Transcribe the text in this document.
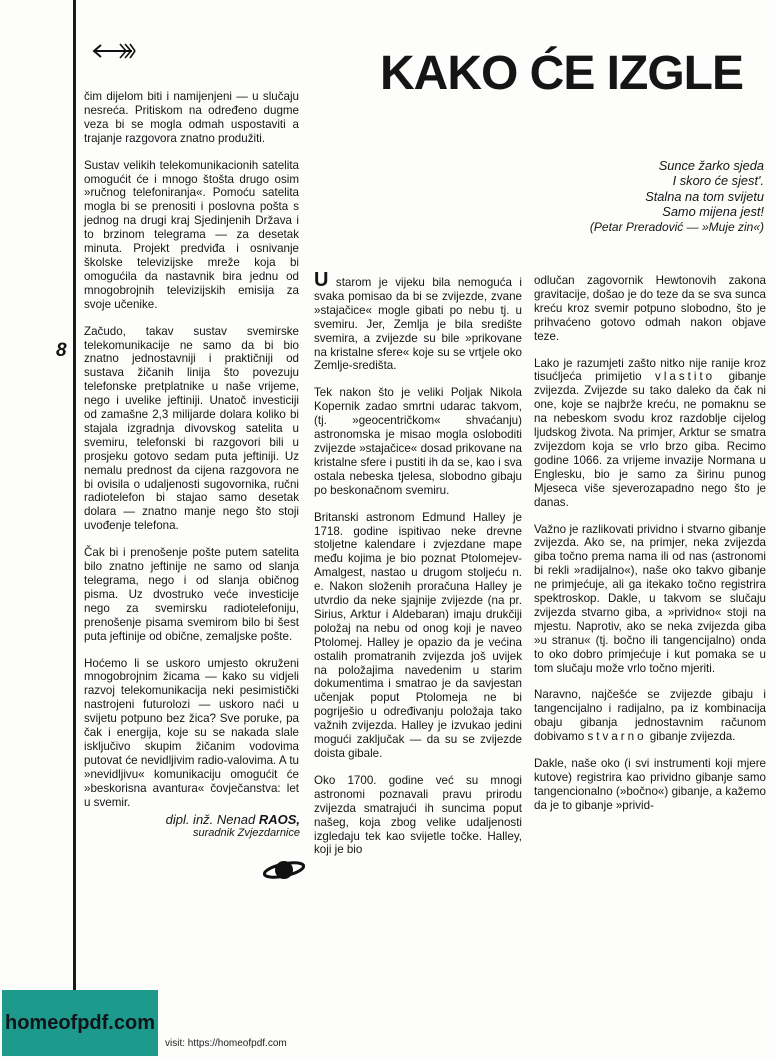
8
KAKO ĆE IZGLE
Sunce žarko sjeda
I skoro će sjest'.
Stalna na tom svijetu
Samo mijena jest!
(Petar Preradović — »Muje zin«)

čim dijelom biti i namijenjeni — u slučaju nesreća. Pritiskom na određeno dugme veza bi se mogla odmah uspostaviti a trajanje razgovora znatno produžiti.

Sustav velikih telekomunikacionih satelita omogućit će i mnogo štošta drugo osim »ručnog telefoniranja«. Pomoću satelita mogla bi se prenositi i poslovna pošta s jednog na drugi kraj Sjedinjenih Država i to brzinom telegrama — za desetak minuta. Projekt predviđa i osnivanje školske televizijske mreže koja bi omogućila da nastavnik bira jednu od mnogobrojnih televizijskih emisija za svoje učenike.

Začudo, takav sustav svemirske telekomunikacije ne samo da bi bio znatno jednostavniji i praktičniji od sustava žičanih linija što povezuju telefonske pretplatnike u naše vrijeme, nego i uvelike jeftiniji. Unatoč investiciji od zamašne 2,3 milijarde dolara koliko bi stajala izgradnja divovskog satelita u svemiru, telefonski bi razgovori bili u prosjeku gotovo sedam puta jeftiniji. Uz nemalu prednost da cijena razgovora ne bi ovisila o udaljenosti sugovornika, ručni radiotelefon bi stajao samo desetak dolara — znatno manje nego što stoji uvođenje telefona.

Čak bi i prenošenje pošte putem satelita bilo znatno jeftinije ne samo od slanja telegrama, nego i od slanja običnog pisma. Uz dvostruko veće investicije nego za svemirsku radiotelefoniju, prenošenje pisama svemirom bilo bi šest puta jeftinije od običnе, zemaljske pošte.

Hoćemo li se uskoro umjesto okruženi mnogobrojnim žicama — kako su vidjeli razvoj telekomunikacija neki pesimistički nastrojeni futurolozi — uskoro naći u svijetu potpuno bez žica? Sve poruke, pa čak i energija, koje su se nakada slale isključivo skupim žičanim vodovima putovat će nevidljivim radio-valovima. A tu »nevidljivu« komunikaciju omogućit će »beskorisna avantura« čovječanstva: let u svemir.

dipl. inž. Nenad RAOS,
suradnik Zvjezdarnice

U starom je vijeku bila nemoguća i svaka pomisao da bi se zvijezde, zvane »stajačice« mogle gibati po nebu tj. u svemiru. Jer, Zemlja je bila središte svemira, a zvijezde su bile »prikovane na kristalne sfere« koje su se vrtjele oko Zemlje-središta.

Tek nakon što je veliki Poljak Nikola Kopernik zadao smrtni udarac takvom, (tj. »geocentričkom« shvaćanju) astronomska je misao mogla osloboditi zvijezde »stajačice« dosad prikovane na kristalne sfere i pustiti ih da se, kao i sva ostala nebeska tjelesa, slobodno gibaju po beskonačnom svemiru.

Britanski astronom Edmund Halley je 1718. godine ispitivao neke drevne stoljetne kalendare i zvjezdane mape među kojima je bio poznat Ptolomejev-Amalgest, nastao u drugom stoljeću n. e. Nakon složenih proračuna Halley je utvrdio da neke sjajnije zvijezde (na pr. Sirius, Arktur i Aldebaran) imaju drukčiji položaj na nebu od onog koji je naveo Ptolomej. Halley je opazio da je većina ostalih promatranih zvijezda još uvijek na položajima navedenim u starim dokumentima i smatrao je da savjestan učenjak poput Ptolomeja ne bi pogriješio u određivanju položaja tako važnih zvijezda. Halley je izvukao jedini mogući zaključak — da su se zvijezde doista gibale.

Oko 1700. godine već su mnogi astronomi poznavali pravu prirodu zvijezda smatrajući ih suncima poput našeg, koja zbog velike udaljenosti izgledaju tek kao svijetle točke. Halley, koji je bio

odlučan zagovornik Hewtonovih zakona gravitacije, došao je do teze da se sva sunca kreću kroz svemir potpuno slobodno, što je prihvaćeno gotovo odmah nakon objave teze.

Lako je razumjeti zašto nitko nije ranije kroz tisućljeća primijetio vlastito gibanje zvijezda. Zvijezde su tako daleko da čak ni one, koje se najbrže kreću, ne pomaknu se na nebeskom svodu kroz razdoblje cijelog ljudskog života. Na primjer, Arktur se smatra zvijezdom koja se vrlo brzo giba. Recimo godine 1066. za vrijeme invazije Normana u Englesku, bio je samo za širinu punog Mjeseca više sjeverozapadno nego što je danas.

Važno je razlikovati prividno i stvarno gibanje zvijezda. Ako se, na primjer, neka zvijezda giba točno prema nama ili od nas (astronomi bi rekli »radijalno«), naše oko takvo gibanje ne primjećuje, ali ga itekako točno registrira spektroskop. Dakle, u takvom se slučaju zvijezda stvarno giba, a »prividno« stoji na mjestu. Naprotiv, ako se neka zvijezda giba »u stranu« (tj. bočno ili tangencijalno) onda to oko dobro primjećuje i kut pomaka se u tom slučaju može vrlo točno mjeriti.

Naravno, najčešće se zvijezde gibaju i tangencijalno i radijalno, pa iz kombinacija obaju gibanja jednostavnim računom dobivamo stvarno gibanje zvijezda.

Dakle, naše oko (i svi instrumenti koji mjere kutove) registrira kao prividno gibanje samo tangencionalno (»bočno«) gibanje, a kažemo da je to gibanje »privid-

homeofpdf.com
visit: https://homeofpdf.com
